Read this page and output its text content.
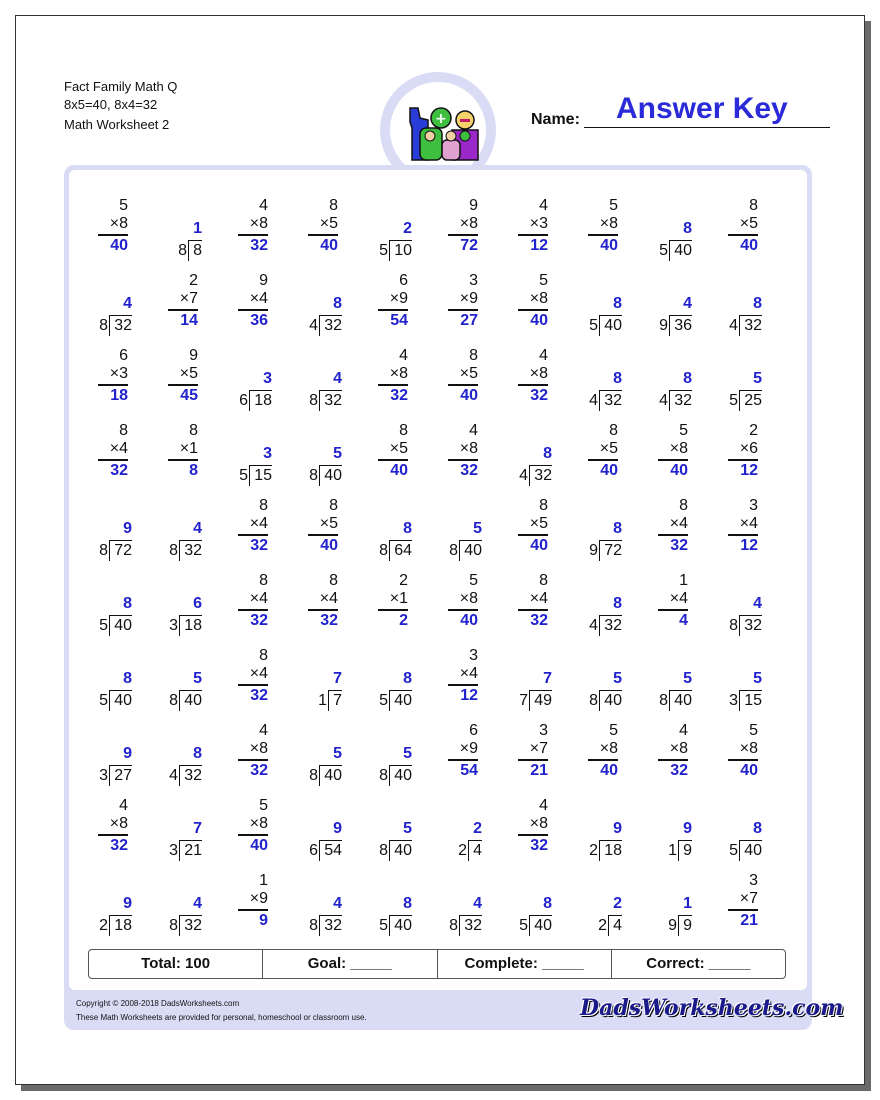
Fact Family Math Q
8x5=40, 8x4=32
Math Worksheet 2	+	Name: Answer Key
5
×8
40
1
8
8
4
×8
32
8
×5
40
2
10
5
9
×8
72
4
×3
12
5
×8
40
8
40
5
8
×5
40
4
32
8
2
×7
14
9
×4
36
8
32
4
6
×9
54
3
×9
27
5
×8
40
8
40
5
4
36
9
8
32
4
6
×3
18
9
×5
45
3
18
6
4
32
8
4
×8
32
8
×5
40
4
×8
32
8
32
4
8
32
4
5
25
5
8
×4
32
8
×1
8
3
15
5
5
40
8
8
×5
40
4
×8
32
8
32
4
8
×5
40
5
×8
40
2
×6
12
9
72
8
4
32
8
8
×4
32
8
×5
40
8
64
8
5
40
8
8
×5
40
8
72
9
8
×4
32
3
×4
12
8
40
5
6
18
3
8
×4
32
8
×4
32
2
×1
2
5
×8
40
8
×4
32
8
32
4
1
×4
4
4
32
8
8
40
5
5
40
8
8
×4
32
7
7
1
8
40
5
3
×4
12
7
49
7
5
40
8
5
40
8
5
15
3
9
27
3
8
32
4
4
×8
32
5
40
8
5
40
8
6
×9
54
3
×7
21
5
×8
40
4
×8
32
5
×8
40
4
×8
32
7
21
3
5
×8
40
9
54
6
5
40
8
2
4
2
4
×8
32
9
18
2
9
9
1
8
40
5
9
18
2
4
32
8
1
×9
9
4
32
8
8
40
5
4
32
8
8
40
5
2
4
2
1
9
9
3
×7
21
Total: 100	Goal: _____	Complete: _____	Correct: _____
Copyright © 2008-2018 DadsWorksheets.com
These Math Worksheets are provided for personal, homeschool or classroom use.	DadsWorksheets.com
